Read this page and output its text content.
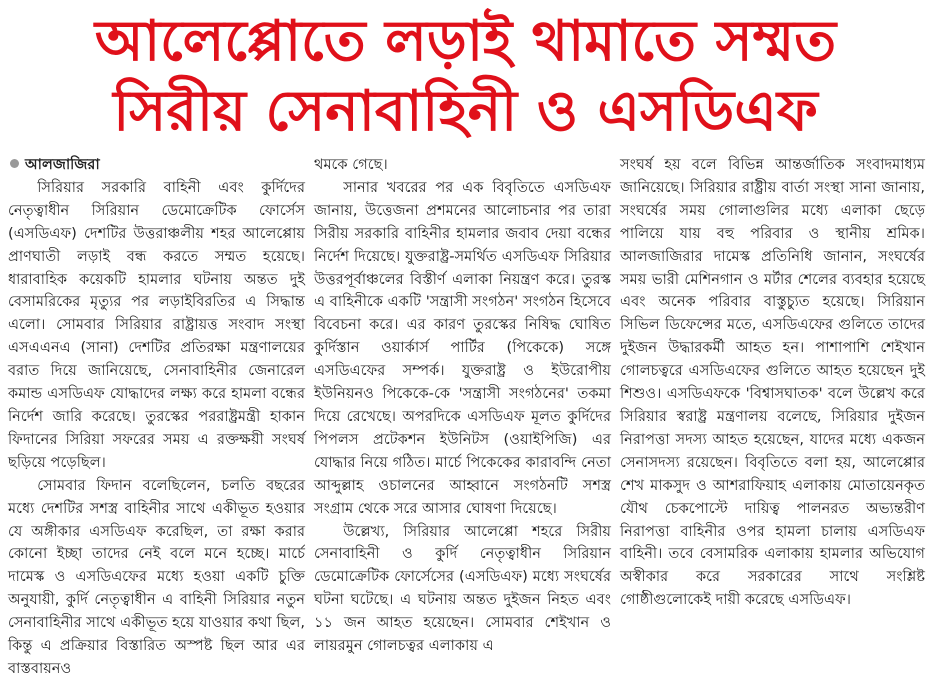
আলেপ্পোতে লড়াই থামাতে সম্মত
সিরীয় সেনাবাহিনী ও এসডিএফ

আলজাজিরা

সিরিয়ার সরকারি বাহিনী এবং কুর্দিদের নেতৃত্বাধীন সিরিয়ান ডেমোক্রেটিক ফোর্সেস (এসডিএফ) দেশটির উত্তরাঞ্চলীয় শহর আলেপ্পোয় প্রাণঘাতী লড়াই বন্ধ করতে সম্মত হয়েছে। ধারাবাহিক কয়েকটি হামলার ঘটনায় অন্তত দুই বেসামরিকের মৃত্যুর পর লড়াইবিরতির এ সিদ্ধান্ত এলো। সোমবার সিরিয়ার রাষ্ট্রায়ত্ত সংবাদ সংস্থা এসএএনএ (সানা) দেশটির প্রতিরক্ষা মন্ত্রণালয়ের বরাত দিয়ে জানিয়েছে, সেনাবাহিনীর জেনারেল কমান্ড এসডিএফ যোদ্ধাদের লক্ষ্য করে হামলা বন্ধের নির্দেশ জারি করেছে। তুরস্কের পররাষ্ট্রমন্ত্রী হাকান ফিদানের সিরিয়া সফরের সময় এ রক্তক্ষয়ী সংঘর্ষ ছড়িয়ে পড়েছিল।

সোমবার ফিদান বলেছিলেন, চলতি বছরের মধ্যে দেশটির সশস্ত্র বাহিনীর সাথে একীভূত হওয়ার যে অঙ্গীকার এসডিএফ করেছিল, তা রক্ষা করার কোনো ইচ্ছা তাদের নেই বলে মনে হচ্ছে। মার্চে দামেস্ক ও এসডিএফের মধ্যে হওয়া একটি চুক্তি অনুযায়ী, কুর্দি নেতৃত্বাধীন এ বাহিনী সিরিয়ার নতুন সেনাবাহিনীর সাথে একীভূত হয়ে যাওয়ার কথা ছিল, কিন্তু এ প্রক্রিয়ার বিস্তারিত অস্পষ্ট ছিল আর এর বাস্তবায়নও

থমকে গেছে।

সানার খবরের পর এক বিবৃতিতে এসডিএফ জানায়, উত্তেজনা প্রশমনের আলোচনার পর তারা সিরীয় সরকারি বাহিনীর হামলার জবাব দেয়া বন্ধের নির্দেশ দিয়েছে। যুক্তরাষ্ট্র-সমর্থিত এসডিএফ সিরিয়ার উত্তরপূর্বাঞ্চলের বিস্তীর্ণ এলাকা নিয়ন্ত্রণ করে। তুরস্ক এ বাহিনীকে একটি 'সন্ত্রাসী সংগঠন' সংগঠন হিসেবে বিবেচনা করে। এর কারণ তুরস্কের নিষিদ্ধ ঘোষিত কুর্দিস্তান ওয়ার্কার্স পার্টির (পিকেকে) সঙ্গে এসডিএফের সম্পর্ক। যুক্তরাষ্ট্র ও ইউরোপীয় ইউনিয়নও পিকেকে-কে 'সন্ত্রাসী সংগঠনের' তকমা দিয়ে রেখেছে। অপরদিকে এসডিএফ মূলত কুর্দিদের পিপলস প্রটেকশন ইউনিটস (ওয়াইপিজি) এর যোদ্ধার নিয়ে গঠিত। মার্চে পিকেকের কারাবন্দি নেতা আব্দুল্লাহ ওচালনের আহ্বানে সংগঠনটি সশস্ত্র সংগ্রাম থেকে সরে আসার ঘোষণা দিয়েছে।

উল্লেখ্য, সিরিয়ার আলেপ্পো শহরে সিরীয় সেনাবাহিনী ও কুর্দি নেতৃত্বাধীন সিরিয়ান ডেমোক্রেটিক ফোর্সেসের (এসডিএফ) মধ্যে সংঘর্ষের ঘটনা ঘটেছে। এ ঘটনায় অন্তত দুইজন নিহত এবং ১১ জন আহত হয়েছেন। সোমবার শেইখান ও লায়রমুন গোলচত্বর এলাকায় এ

সংঘর্ষ হয় বলে বিভিন্ন আন্তর্জাতিক সংবাদমাধ্যম জানিয়েছে। সিরিয়ার রাষ্ট্রীয় বার্তা সংস্থা সানা জানায়, সংঘর্ষের সময় গোলাগুলির মধ্যে এলাকা ছেড়ে পালিয়ে যায় বহু পরিবার ও স্থানীয় শ্রমিক। আলজাজিরার দামেস্ক প্রতিনিধি জানান, সংঘর্ষের সময় ভারী মেশিনগান ও মর্টার শেলের ব্যবহার হয়েছে এবং অনেক পরিবার বাস্তুচ্যুত হয়েছে। সিরিয়ান সিভিল ডিফেন্সের মতে, এসডিএফের গুলিতে তাদের দুইজন উদ্ধারকর্মী আহত হন। পাশাপাশি শেইখান গোলচত্বরে এসডিএফের গুলিতে আহত হয়েছেন দুই শিশুও। এসডিএফকে 'বিশ্বাসঘাতক' বলে উল্লেখ করে সিরিয়ার স্বরাষ্ট্র মন্ত্রণালয় বলেছে, সিরিয়ার দুইজন নিরাপত্তা সদস্য আহত হয়েছেন, যাদের মধ্যে একজন সেনাসদস্য রয়েছেন। বিবৃতিতে বলা হয়, আলেপ্পোর শেখ মাকসুদ ও আশরাফিয়াহ এলাকায় মোতায়েনকৃত যৌথ চেকপোস্টে দায়িত্ব পালনরত অভ্যন্তরীণ নিরাপত্তা বাহিনীর ওপর হামলা চালায় এসডিএফ বাহিনী। তবে বেসামরিক এলাকায় হামলার অভিযোগ অস্বীকার করে সরকারের সাথে সংশ্লিষ্ট গোষ্ঠীগুলোকেই দায়ী করেছে এসডিএফ।
